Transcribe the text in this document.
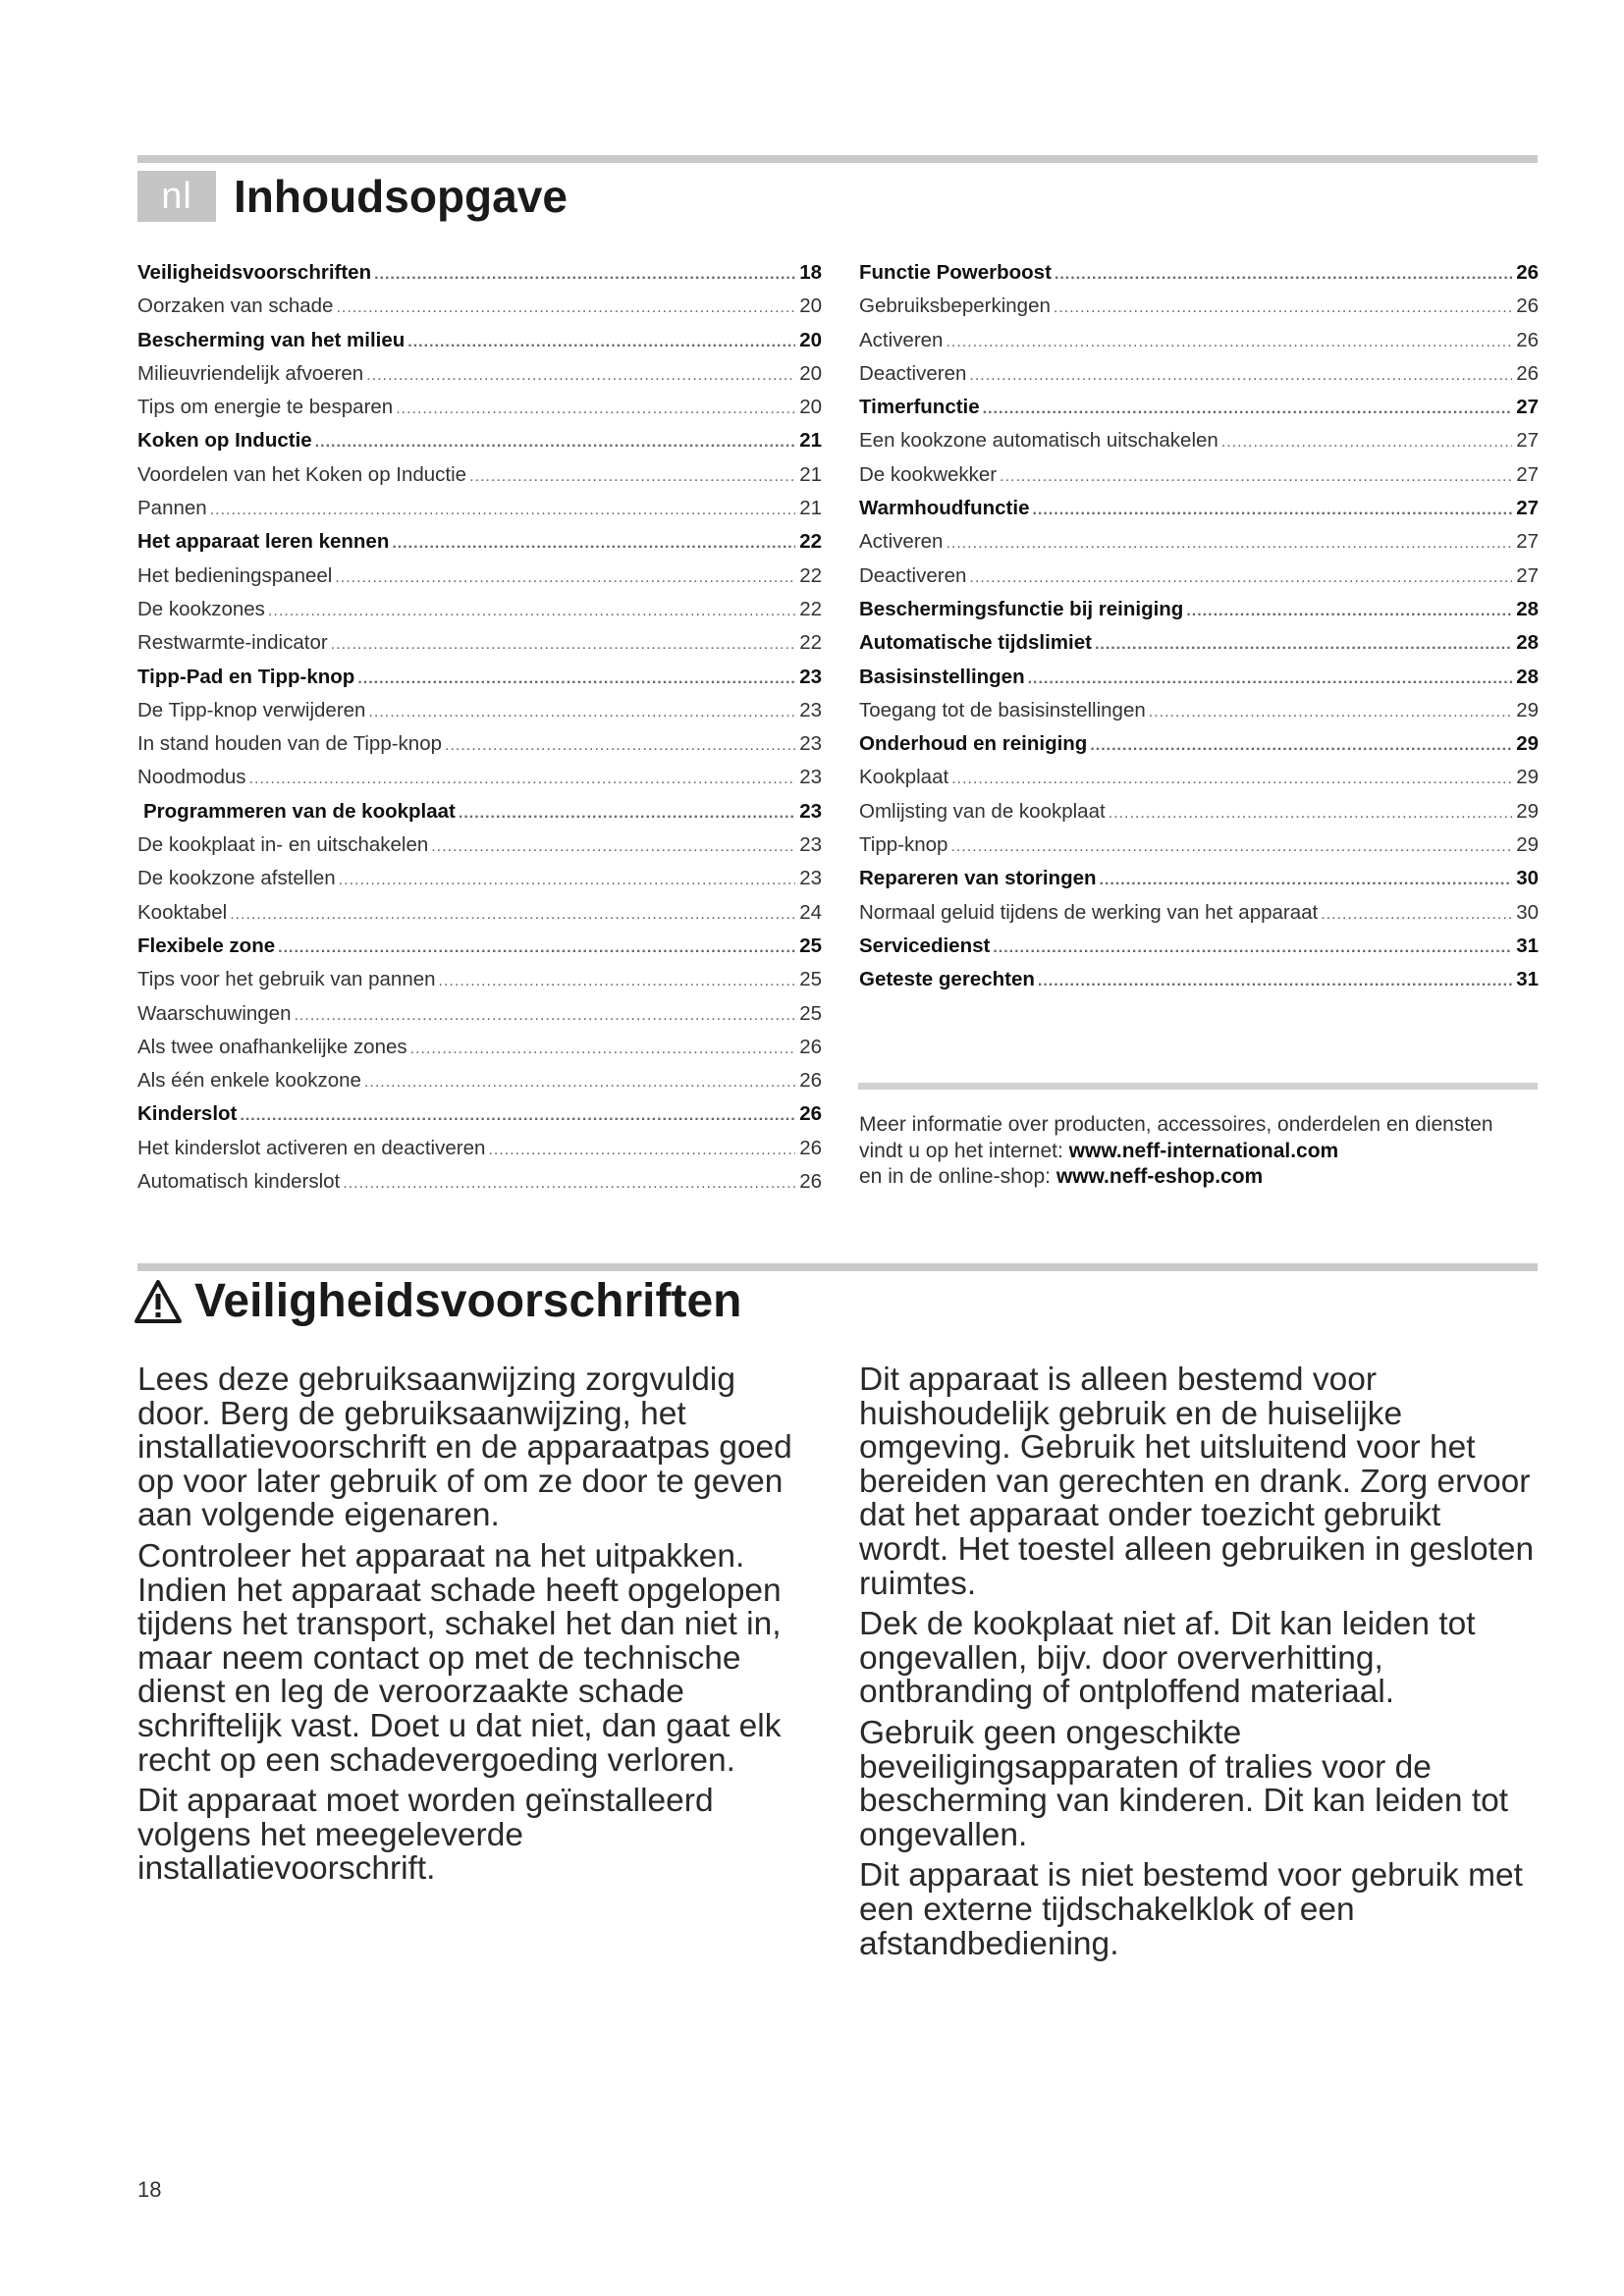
nl Inhoudsopgave
Veiligheidsvoorschriften .....	18
Oorzaken van schade .....	20
Bescherming van het milieu .....	20
Milieuvriendelijk afvoeren .....	20
Tips om energie te besparen .....	20
Koken op Inductie .....	21
Voordelen van het Koken op Inductie .....	21
Pannen .....	21
Het apparaat leren kennen .....	22
Het bedieningspaneel .....	22
De kookzones .....	22
Restwarmte-indicator .....	22
Tipp-Pad en Tipp-knop .....	23
De Tipp-knop verwijderen .....	23
In stand houden van de Tipp-knop .....	23
Noodmodus .....	23
Programmeren van de kookplaat .....	23
De kookplaat in- en uitschakelen .....	23
De kookzone afstellen .....	23
Kooktabel .....	24
Flexibele zone .....	25
Tips voor het gebruik van pannen .....	25
Waarschuwingen .....	25
Als twee onafhankelijke zones .....	26
Als één enkele kookzone .....	26
Kinderslot .....	26
Het kinderslot activeren en deactiveren .....	26
Automatisch kinderslot .....	26
Functie Powerboost .....	26
Gebruiksbeperkingen .....	26
Activeren .....	26
Deactiveren .....	26
Timerfunctie .....	27
Een kookzone automatisch uitschakelen .....	27
De kookwekker .....	27
Warmhoudfunctie .....	27
Activeren .....	27
Deactiveren .....	27
Beschermingsfunctie bij reiniging .....	28
Automatische tijdslimiet .....	28
Basisinstellingen .....	28
Toegang tot de basisinstellingen .....	29
Onderhoud en reiniging .....	29
Kookplaat .....	29
Omlijsting van de kookplaat .....	29
Tipp-knop .....	29
Repareren van storingen .....	30
Normaal geluid tijdens de werking van het apparaat .....	30
Servicedienst .....	31
Geteste gerechten .....	31
Meer informatie over producten, accessoires, onderdelen en diensten vindt u op het internet: www.neff-international.com
en in de online-shop: www.neff-eshop.com
Veiligheidsvoorschriften

Lees deze gebruiksaanwijzing zorgvuldig door. Berg de gebruiksaanwijzing, het installatievoorschrift en de apparaatpas goed op voor later gebruik of om ze door te geven aan volgende eigenaren.

Controleer het apparaat na het uitpakken. Indien het apparaat schade heeft opgelopen tijdens het transport, schakel het dan niet in, maar neem contact op met de technische dienst en leg de veroorzaakte schade schriftelijk vast. Doet u dat niet, dan gaat elk recht op een schadevergoeding verloren.

Dit apparaat moet worden geïnstalleerd volgens het meegeleverde installatievoorschrift.

Dit apparaat is alleen bestemd voor huishoudelijk gebruik en de huiselijke omgeving. Gebruik het uitsluitend voor het bereiden van gerechten en drank. Zorg ervoor dat het apparaat onder toezicht gebruikt wordt. Het toestel alleen gebruiken in gesloten ruimtes.

Dek de kookplaat niet af. Dit kan leiden tot ongevallen, bijv. door oververhitting, ontbranding of ontploffend materiaal.

Gebruik geen ongeschikte beveiligingsapparaten of tralies voor de bescherming van kinderen. Dit kan leiden tot ongevallen.

Dit apparaat is niet bestemd voor gebruik met een externe tijdschakelklok of een afstandbediening.

18
